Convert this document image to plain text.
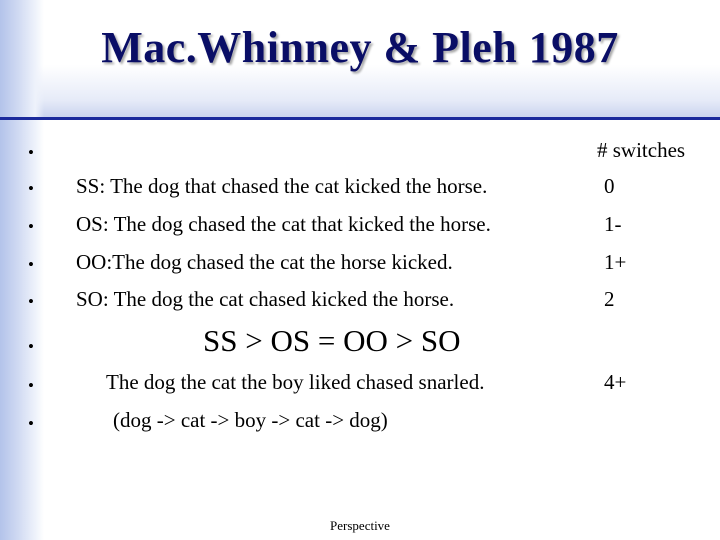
Mac.Whinney & Pleh 1987
•	# switches
• SS: The dog that chased the cat kicked the horse.	0
• OS: The dog chased the cat that kicked the horse.	1-
• OO:The dog chased the cat the horse kicked.	1+
• SO: The dog the cat chased kicked the horse.	2
•	SS > OS = OO > SO
•	The dog the cat the boy liked chased snarled.	4+
•	(dog -> cat -> boy -> cat -> dog)
Perspective
